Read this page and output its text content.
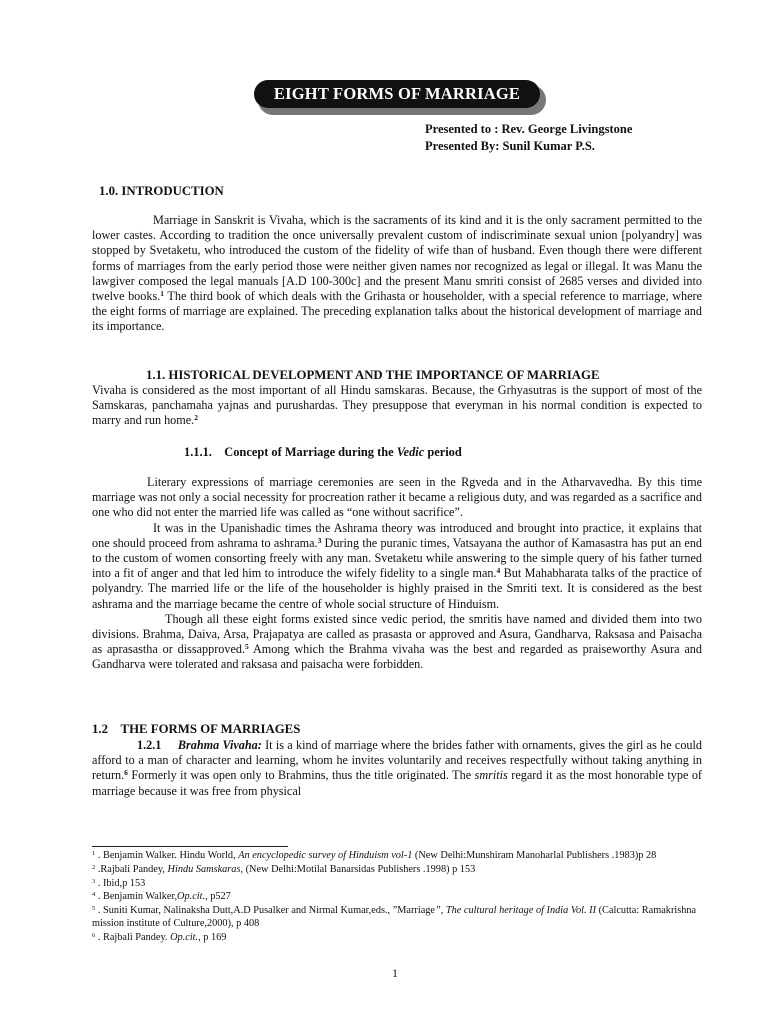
EIGHT FORMS OF MARRIAGE
Presented to : Rev. George Livingstone
Presented By: Sunil Kumar P.S.
1.0. INTRODUCTION

Marriage in Sanskrit is Vivaha, which is the sacraments of its kind and it is the only sacrament permitted to the lower castes. According to tradition the once universally prevalent custom of indiscriminate sexual union [polyandry] was stopped by Svetaketu, who introduced the custom of the fidelity of wife than of husband. Even though there were different forms of marriages from the early period those were neither given names nor recognized as legal or illegal. It was Manu the lawgiver composed the legal manuals [A.D 100-300c] and the present Manu smriti consist of 2685 verses and divided into twelve books.$^1$ The third book of which deals with the Grihasta or householder, with a special reference to marriage, where the eight forms of marriage are explained. The preceding explanation talks about the historical development of marriage and its importance.

1.1. HISTORICAL DEVELOPMENT AND THE IMPORTANCE OF MARRIAGE

Vivaha is considered as the most important of all Hindu samskaras. Because, the Grhyasutras is the support of most of the Samskaras, panchamaha yajnas and purushardas. They presuppose that everyman in his normal condition is expected to marry and run home.$^2$

1.1.1. Concept of Marriage during the Vedic period

Literary expressions of marriage ceremonies are seen in the Rgveda and in the Atharvavedha. By this time marriage was not only a social necessity for procreation rather it became a religious duty, and was regarded as a sacrifice and one who did not enter the married life was called as “one without sacrifice”.

It was in the Upanishadic times the Ashrama theory was introduced and brought into practice, it explains that one should proceed from ashrama to ashrama.$^3$ During the puranic times, Vatsayana the author of Kamasastra has put an end to the custom of women consorting freely with any man. Svetaketu while answering to the simple query of his father turned into a fit of anger and that led him to introduce the wifely fidelity to a single man.$^4$ But Mahabharata talks of the practice of polyandry. The married life or the life of the householder is highly praised in the Smriti text. It is considered as the best ashrama and the marriage became the centre of whole social structure of Hinduism.

Though all these eight forms existed since vedic period, the smritis have named and divided them into two divisions. Brahma, Daiva, Arsa, Prajapatya are called as prasasta or approved and Asura, Gandharva, Raksasa and Paisacha as aprasastha or dissapproved.$^5$ Among which the Brahma vivaha was the best and regarded as praiseworthy Asura and Gandharva were tolerated and raksasa and paisacha were forbidden.

1.2    THE FORMS OF MARRIAGES

1.2.1 Brahma Vivaha: It is a kind of marriage where the brides father with ornaments, gives the girl as he could afford to a man of character and learning, whom he invites voluntarily and receives respectfully without taking anything in return.$^6$ Formerly it was open only to Brahmins, thus the title originated. The smritis regard it as the most honorable type of marriage because it was free from physical

$^1$ . Benjamin Walker. Hindu World, An encyclopedic survey of Hinduism vol-1 (New Delhi:Munshiram Manoharlal Publishers .1983)p 28
$^2$ .Rajbali Pandey, Hindu Samskaras, (New Delhi:Motilal Banarsidas Publishers .1998) p 153
$^3$ . Ibid,p 153
$^4$ . Benjamin Walker,Op.cit., p527
$^5$ . Suniti Kumar, Nalinaksha Dutt,A.D Pusalker and Nirmal Kumar,eds., ”Marriage”, The cultural heritage of India Vol. II (Calcutta: Ramakrishna mission institute of Culture,2000), p 408
$^6$ . Rajbali Pandey. Op.cit., p 169
1
